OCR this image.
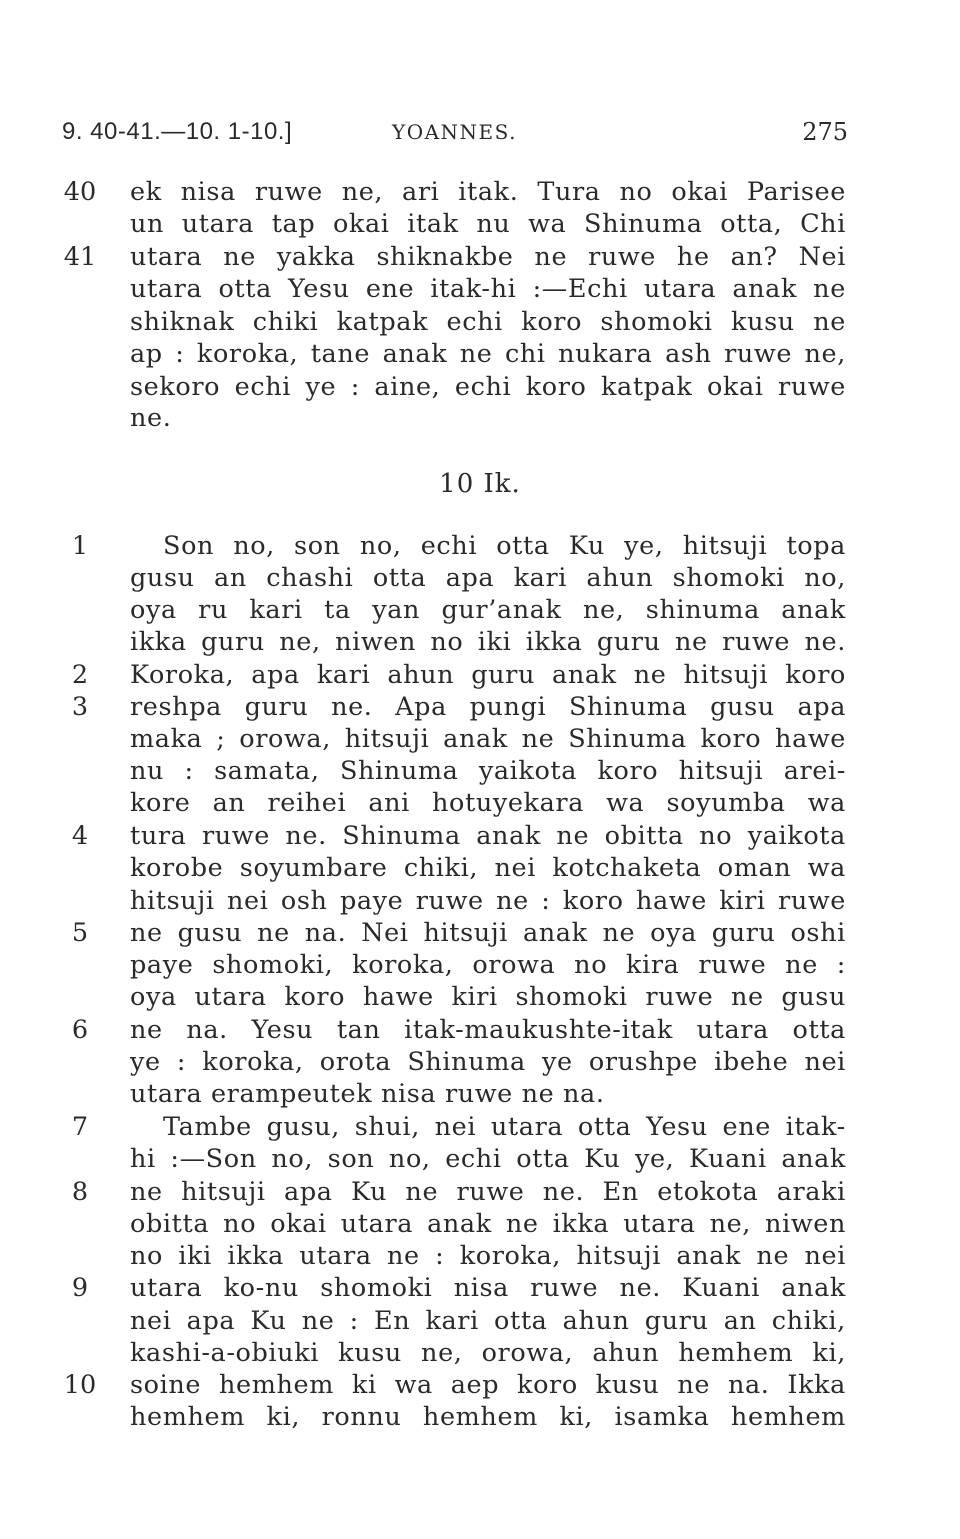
9. 40-41.—10. 1-10.]	YOANNES.	275
10 Ik.
40 ek nisa ruwe ne, ari itak. Tura no okai Parisee
un utara tap okai itak nu wa Shinuma otta, Chi
41 utara ne yakka shiknakbe ne ruwe he an? Nei
utara otta Yesu ene itak-hi :—Echi utara anak ne
shiknak chiki katpak echi koro shomoki kusu ne
ap : koroka, tane anak ne chi nukara ash ruwe ne,
sekoro echi ye : aine, echi koro katpak okai ruwe
ne.
1	Son no, son no, echi otta Ku ye, hitsuji topa
gusu an chashi otta apa kari ahun shomoki no,
oya ru kari ta yan gur’anak ne, shinuma anak
ikka guru ne, niwen no iki ikka guru ne ruwe ne.
2	Koroka, apa kari ahun guru anak ne hitsuji koro
3	reshpa guru ne. Apa pungi Shinuma gusu apa
maka ; orowa, hitsuji anak ne Shinuma koro hawe
nu : samata, Shinuma yaikota koro hitsuji arei-
kore an reihei ani hotuyekara wa soyumba wa
4	tura ruwe ne. Shinuma anak ne obitta no yaikota
korobe soyumbare chiki, nei kotchaketa oman wa
hitsuji nei osh paye ruwe ne : koro hawe kiri ruwe
5	ne gusu ne na. Nei hitsuji anak ne oya guru oshi
paye shomoki, koroka, orowa no kira ruwe ne :
oya utara koro hawe kiri shomoki ruwe ne gusu
6	ne na. Yesu tan itak-maukushte-itak utara otta
ye : koroka, orota Shinuma ye orushpe ibehe nei
utara erampeutek nisa ruwe ne na.
7	Tambe gusu, shui, nei utara otta Yesu ene itak-
hi :—Son no, son no, echi otta Ku ye, Kuani anak
8	ne hitsuji apa Ku ne ruwe ne. En etokota araki
obitta no okai utara anak ne ikka utara ne, niwen
no iki ikka utara ne : koroka, hitsuji anak ne nei
9	utara ko-nu shomoki nisa ruwe ne. Kuani anak
nei apa Ku ne : En kari otta ahun guru an chiki,
kashi-a-obiuki kusu ne, orowa, ahun hemhem ki,
10 soine hemhem ki wa aep koro kusu ne na. Ikka
hemhem ki, ronnu hemhem ki, isamka hemhem
